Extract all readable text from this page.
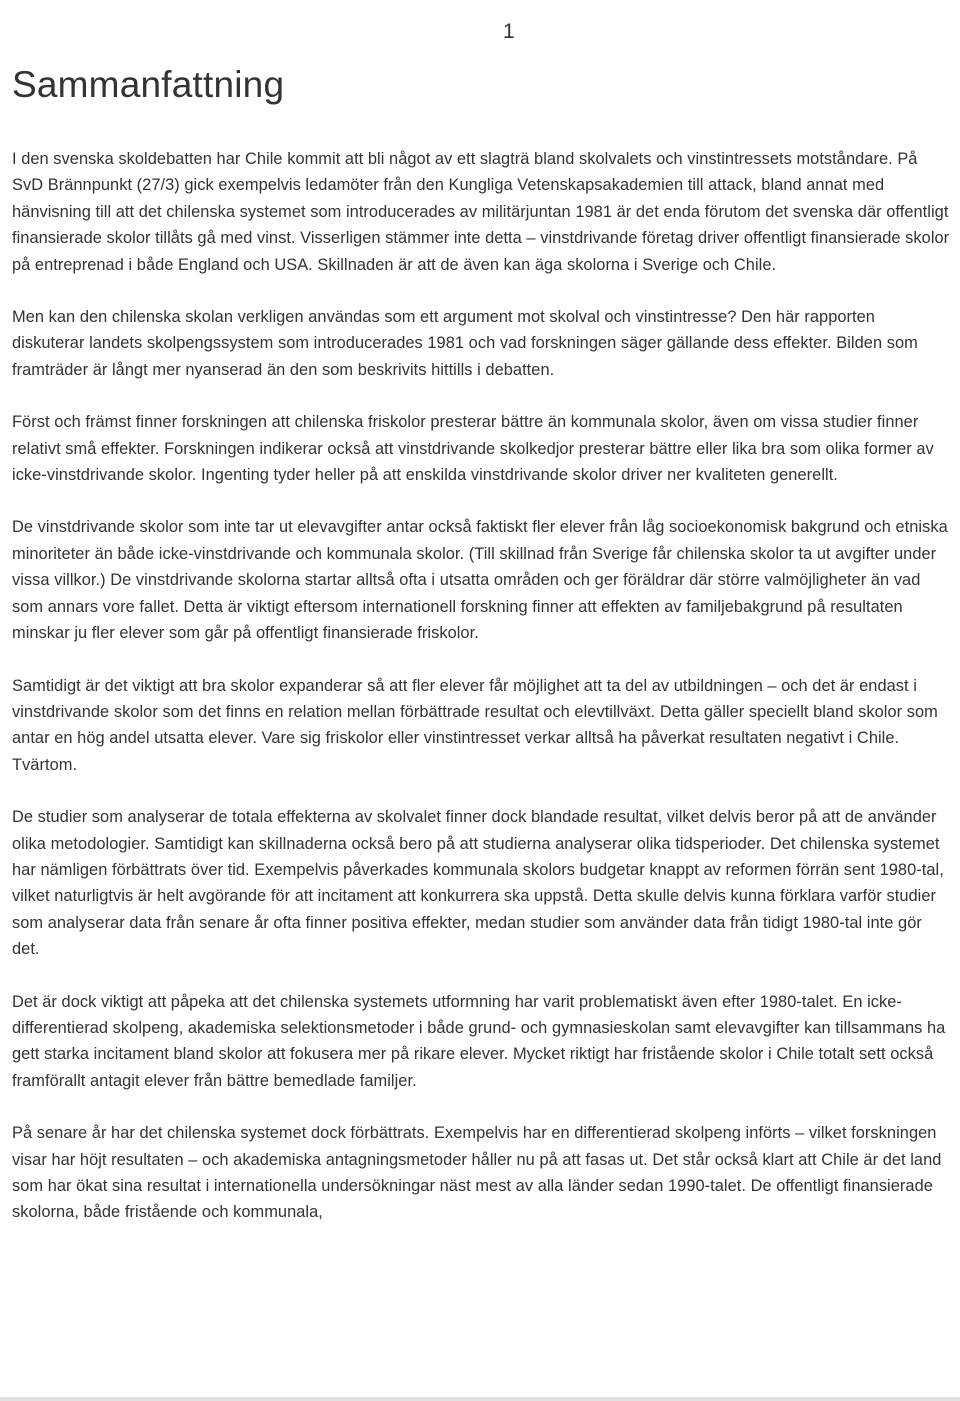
1
Sammanfattning

I den svenska skoldebatten har Chile kommit att bli något av ett slagträ bland skolvalets och vinstintressets motståndare. På SvD Brännpunkt (27/3) gick exempelvis ledamöter från den Kungliga Vetenskapsakademien till attack, bland annat med hänvisning till att det chilenska systemet som introducerades av militärjuntan 1981 är det enda förutom det svenska där offentligt finansierade skolor tillåts gå med vinst. Visserligen stämmer inte detta – vinstdrivande företag driver offentligt finansierade skolor på entreprenad i både England och USA. Skillnaden är att de även kan äga skolorna i Sverige och Chile.

Men kan den chilenska skolan verkligen användas som ett argument mot skolval och vinstintresse? Den här rapporten diskuterar landets skolpengssystem som introducerades 1981 och vad forskningen säger gällande dess effekter. Bilden som framträder är långt mer nyanserad än den som beskrivits hittills i debatten.

Först och främst finner forskningen att chilenska friskolor presterar bättre än kommunala skolor, även om vissa studier finner relativt små effekter. Forskningen indikerar också att vinstdrivande skolkedjor presterar bättre eller lika bra som olika former av icke-vinstdrivande skolor. Ingenting tyder heller på att enskilda vinstdrivande skolor driver ner kvaliteten generellt.

De vinstdrivande skolor som inte tar ut elevavgifter antar också faktiskt fler elever från låg socioekonomisk bakgrund och etniska minoriteter än både icke-vinstdrivande och kommunala skolor. (Till skillnad från Sverige får chilenska skolor ta ut avgifter under vissa villkor.) De vinstdrivande skolorna startar alltså ofta i utsatta områden och ger föräldrar där större valmöjligheter än vad som annars vore fallet. Detta är viktigt eftersom internationell forskning finner att effekten av familjebakgrund på resultaten minskar ju fler elever som går på offentligt finansierade friskolor.

Samtidigt är det viktigt att bra skolor expanderar så att fler elever får möjlighet att ta del av utbildningen – och det är endast i vinstdrivande skolor som det finns en relation mellan förbättrade resultat och elevtillväxt. Detta gäller speciellt bland skolor som antar en hög andel utsatta elever. Vare sig friskolor eller vinstintresset verkar alltså ha påverkat resultaten negativt i Chile. Tvärtom.

De studier som analyserar de totala effekterna av skolvalet finner dock blandade resultat, vilket delvis beror på att de använder olika metodologier. Samtidigt kan skillnaderna också bero på att studierna analyserar olika tidsperioder. Det chilenska systemet har nämligen förbättrats över tid. Exempelvis påverkades kommunala skolors budgetar knappt av reformen förrän sent 1980-tal, vilket naturligtvis är helt avgörande för att incitament att konkurrera ska uppstå. Detta skulle delvis kunna förklara varför studier som analyserar data från senare år ofta finner positiva effekter, medan studier som använder data från tidigt 1980-tal inte gör det.

Det är dock viktigt att påpeka att det chilenska systemets utformning har varit problematiskt även efter 1980-talet. En icke-differentierad skolpeng, akademiska selektionsmetoder i både grund- och gymnasieskolan samt elevavgifter kan tillsammans ha gett starka incitament bland skolor att fokusera mer på rikare elever. Mycket riktigt har fristående skolor i Chile totalt sett också framförallt antagit elever från bättre bemedlade familjer.

På senare år har det chilenska systemet dock förbättrats. Exempelvis har en differentierad skolpeng införts – vilket forskningen visar har höjt resultaten – och akademiska antagningsmetoder håller nu på att fasas ut. Det står också klart att Chile är det land som har ökat sina resultat i internationella undersökningar näst mest av alla länder sedan 1990-talet. De offentligt finansierade skolorna, både fristående och kommunala,
